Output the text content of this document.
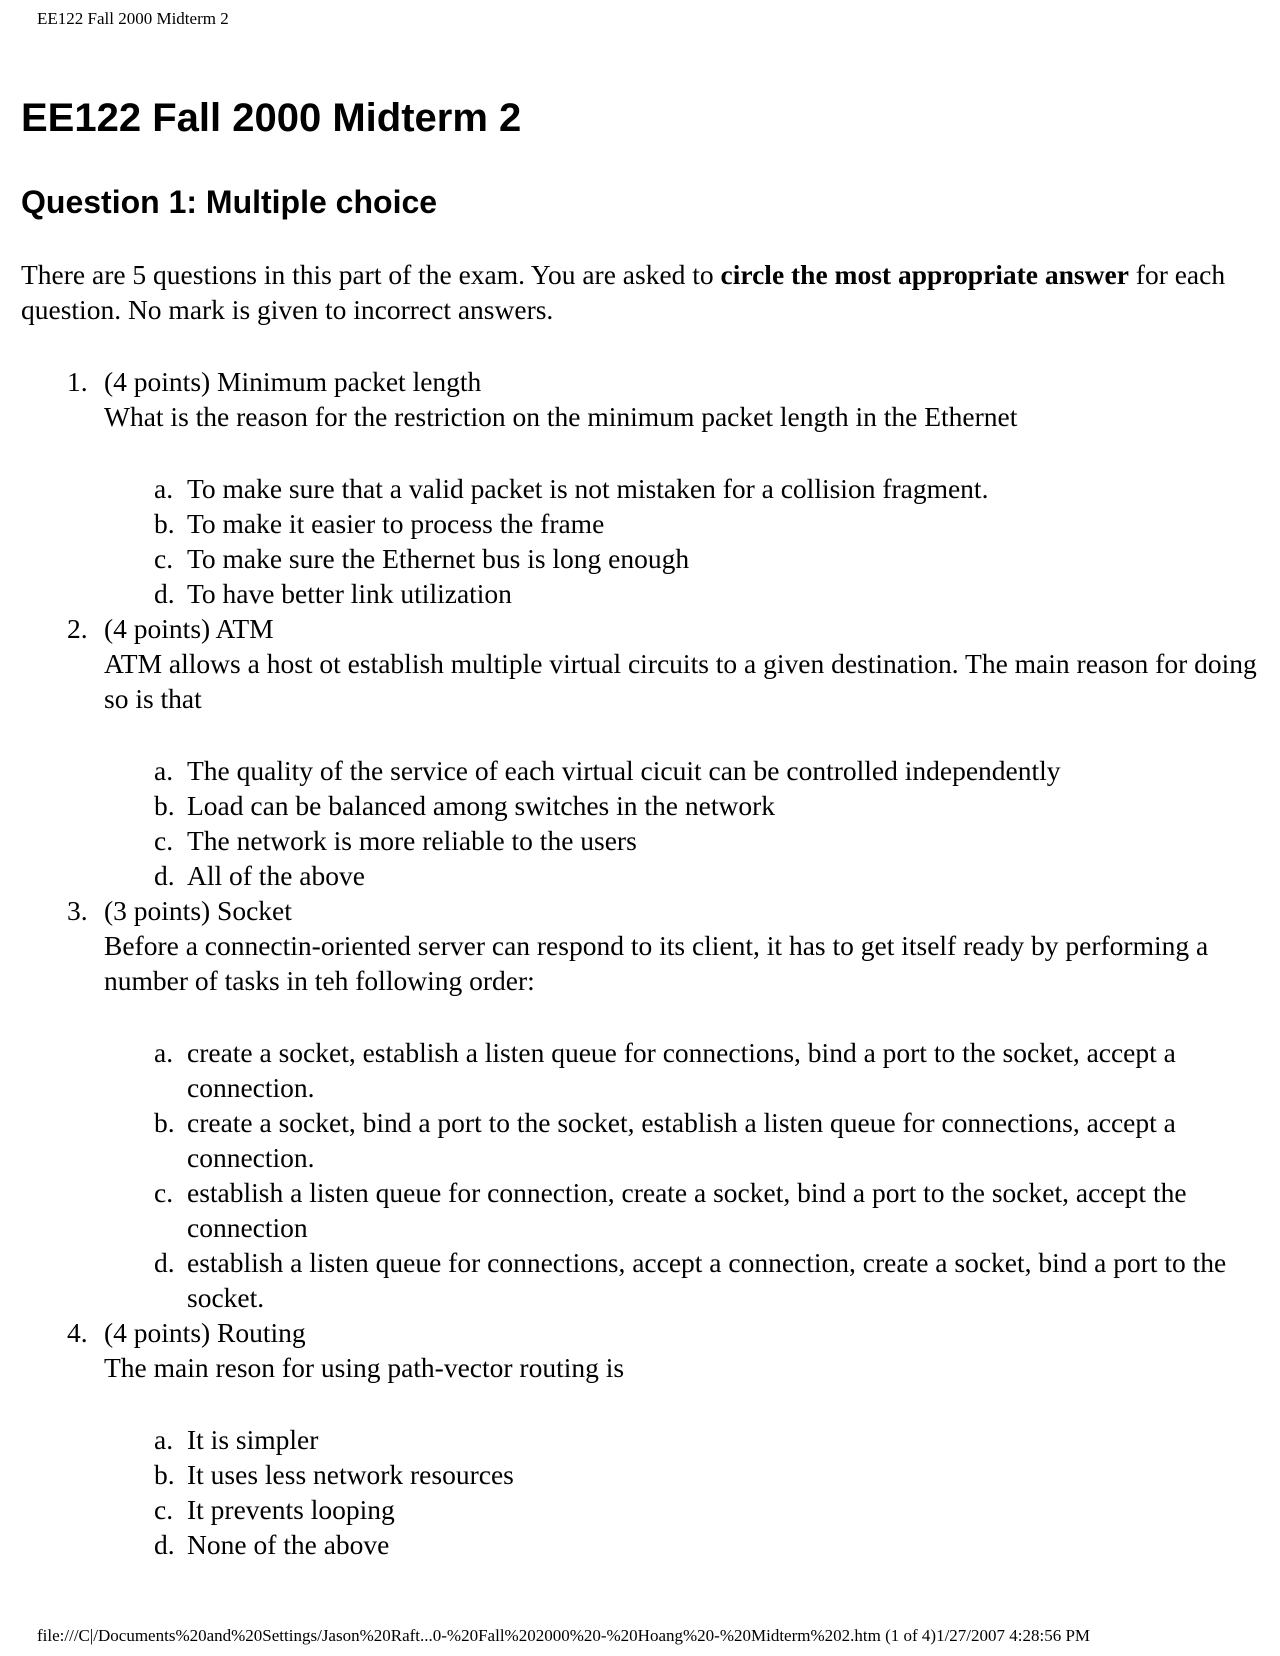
EE122 Fall 2000 Midterm 2
EE122 Fall 2000 Midterm 2
Question 1: Multiple choice

There are 5 questions in this part of the exam. You are asked to circle the most appropriate answer for each question. No mark is given to incorrect answers.

1. (4 points) Minimum packet length
What is the reason for the restriction on the minimum packet length in the Ethernet
a. To make sure that a valid packet is not mistaken for a collision fragment.
b. To make it easier to process the frame
c. To make sure the Ethernet bus is long enough
d. To have better link utilization
2. (4 points) ATM
ATM allows a host ot establish multiple virtual circuits to a given destination. The main reason for doing so is that
a. The quality of the service of each virtual cicuit can be controlled independently
b. Load can be balanced among switches in the network
c. The network is more reliable to the users
d. All of the above
3. (3 points) Socket
Before a connectin-oriented server can respond to its client, it has to get itself ready by performing a number of tasks in teh following order:
a. create a socket, establish a listen queue for connections, bind a port to the socket, accept a connection.
b. create a socket, bind a port to the socket, establish a listen queue for connections, accept a connection.
c. establish a listen queue for connection, create a socket, bind a port to the socket, accept the connection
d. establish a listen queue for connections, accept a connection, create a socket, bind a port to the socket.
4. (4 points) Routing
The main reson for using path-vector routing is
a. It is simpler
b. It uses less network resources
c. It prevents looping
d. None of the above
file:///C|/Documents%20and%20Settings/Jason%20Raft...0-%20Fall%202000%20-%20Hoang%20-%20Midterm%202.htm (1 of 4)1/27/2007 4:28:56 PM
